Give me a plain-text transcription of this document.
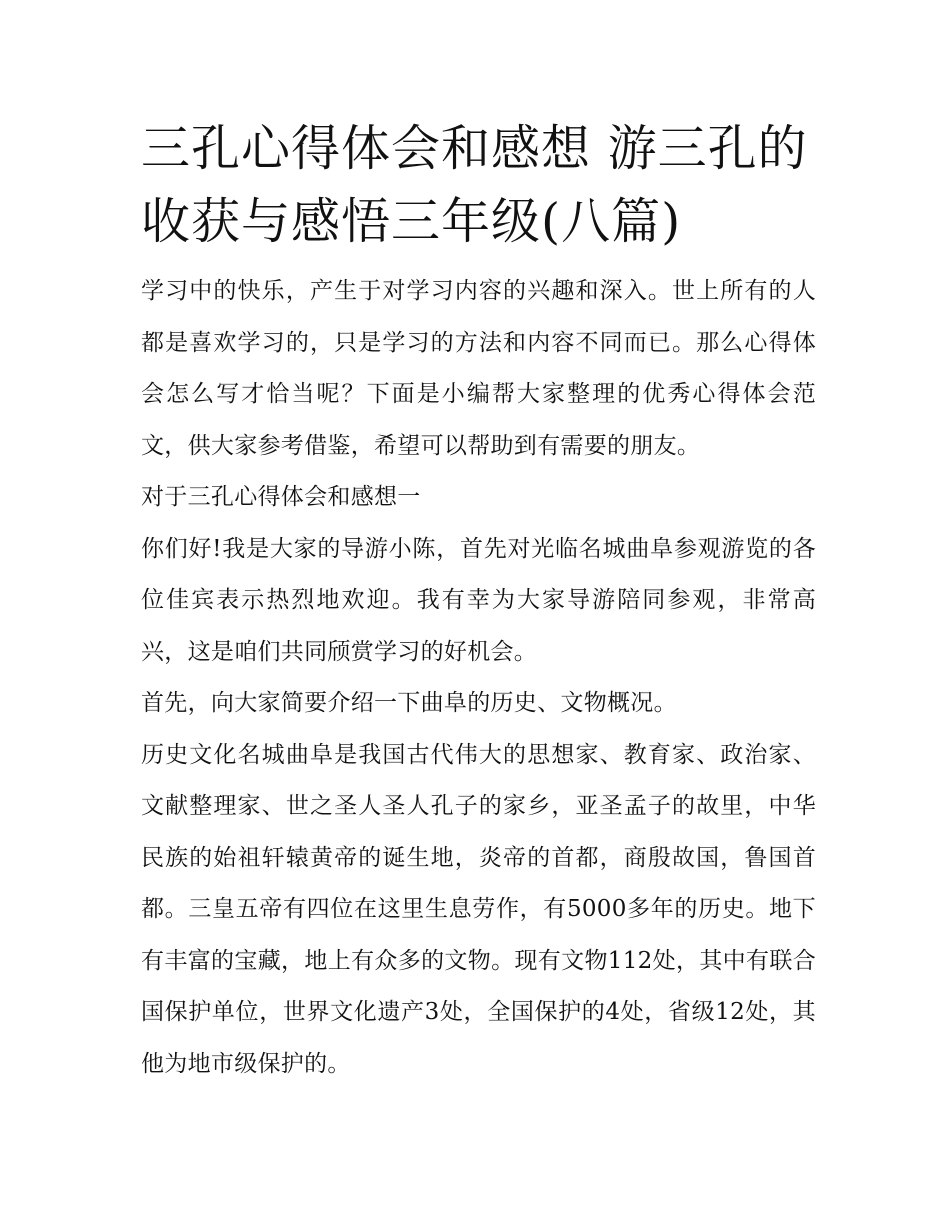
三孔心得体会和感想 游三孔的收获与感悟三年级(八篇)

学习中的快乐，产生于对学习内容的兴趣和深入。世上所有的人都是喜欢学习的，只是学习的方法和内容不同而已。那么心得体会怎么写才恰当呢？下面是小编帮大家整理的优秀心得体会范文，供大家参考借鉴，希望可以帮助到有需要的朋友。

对于三孔心得体会和感想一

你们好!我是大家的导游小陈，首先对光临名城曲阜参观游览的各位佳宾表示热烈地欢迎。我有幸为大家导游陪同参观，非常高兴，这是咱们共同颀赏学习的好机会。

首先，向大家简要介绍一下曲阜的历史、文物概况。

历史文化名城曲阜是我国古代伟大的思想家、教育家、政治家、文献整理家、世之圣人圣人孔子的家乡，亚圣孟子的故里，中华民族的始祖轩辕黄帝的诞生地，炎帝的首都，商殷故国，鲁国首都。三皇五帝有四位在这里生息劳作，有5000多年的历史。地下有丰富的宝藏，地上有众多的文物。现有文物112处，其中有联合国保护单位，世界文化遗产3处，全国保护的4处，省级12处，其他为地市级保护的。
